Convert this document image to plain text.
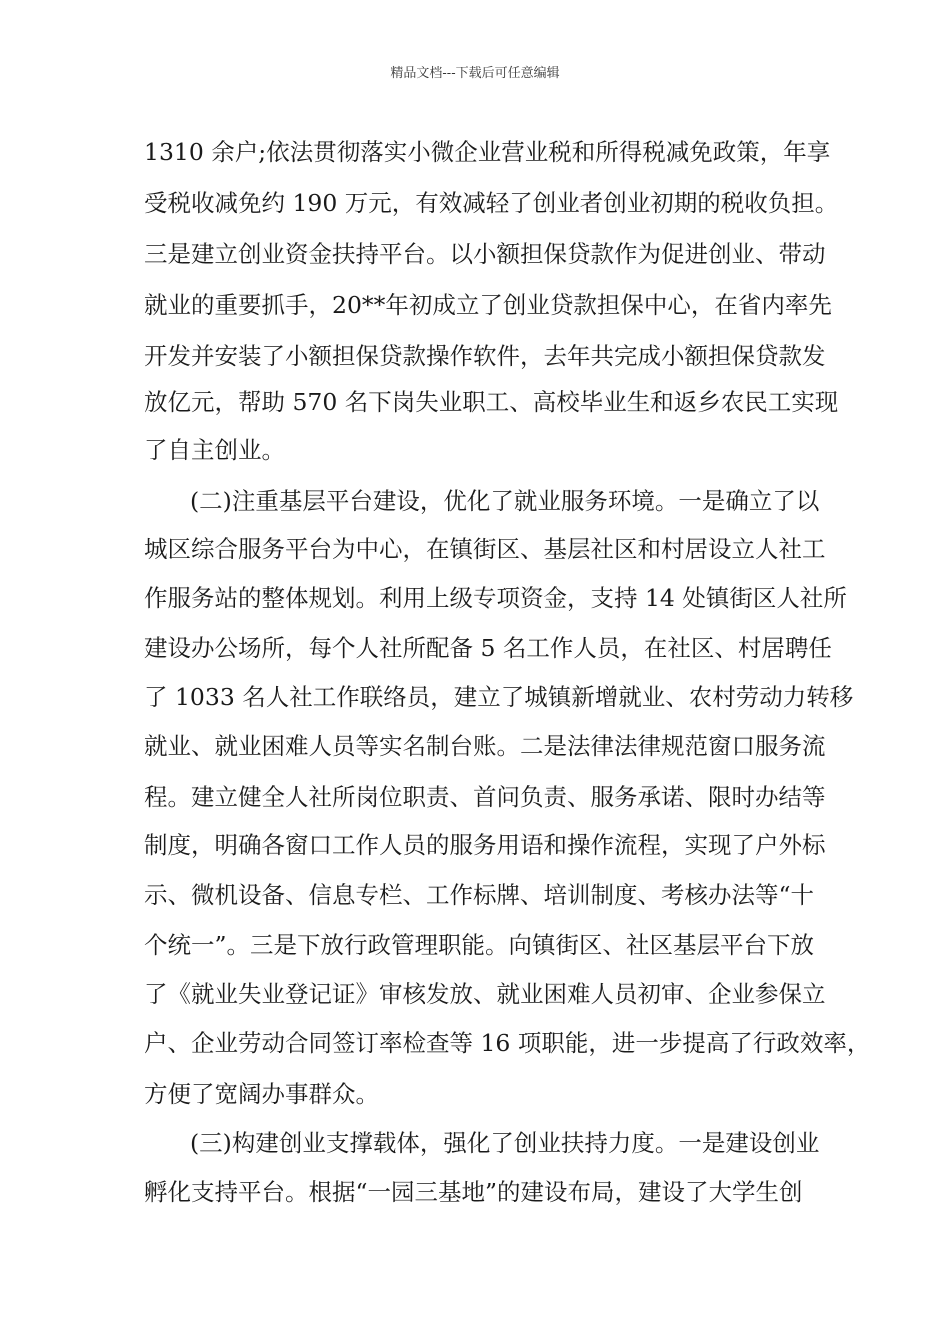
精品文档---下载后可任意编辑
1310 余户;依法贯彻落实小微企业营业税和所得税减免政策，年享
受税收减免约 190 万元，有效减轻了创业者创业初期的税收负担。
三是建立创业资金扶持平台。以小额担保贷款作为促进创业、带动
就业的重要抓手，20**年初成立了创业贷款担保中心，在省内率先
开发并安装了小额担保贷款操作软件，去年共完成小额担保贷款发
放亿元，帮助 570 名下岗失业职工、高校毕业生和返乡农民工实现
了自主创业。
(二)注重基层平台建设，优化了就业服务环境。一是确立了以
城区综合服务平台为中心，在镇街区、基层社区和村居设立人社工
作服务站的整体规划。利用上级专项资金，支持 14 处镇街区人社所
建设办公场所，每个人社所配备 5 名工作人员，在社区、村居聘任
了 1033 名人社工作联络员，建立了城镇新增就业、农村劳动力转移
就业、就业困难人员等实名制台账。二是法律法律规范窗口服务流
程。建立健全人社所岗位职责、首问负责、服务承诺、限时办结等
制度，明确各窗口工作人员的服务用语和操作流程，实现了户外标
示、微机设备、信息专栏、工作标牌、培训制度、考核办法等“十
个统一”。三是下放行政管理职能。向镇街区、社区基层平台下放
了《就业失业登记证》审核发放、就业困难人员初审、企业参保立
户、企业劳动合同签订率检查等 16 项职能，进一步提高了行政效率，
方便了宽阔办事群众。
(三)构建创业支撑载体，强化了创业扶持力度。一是建设创业
孵化支持平台。根据“一园三基地”的建设布局，建设了大学生创
